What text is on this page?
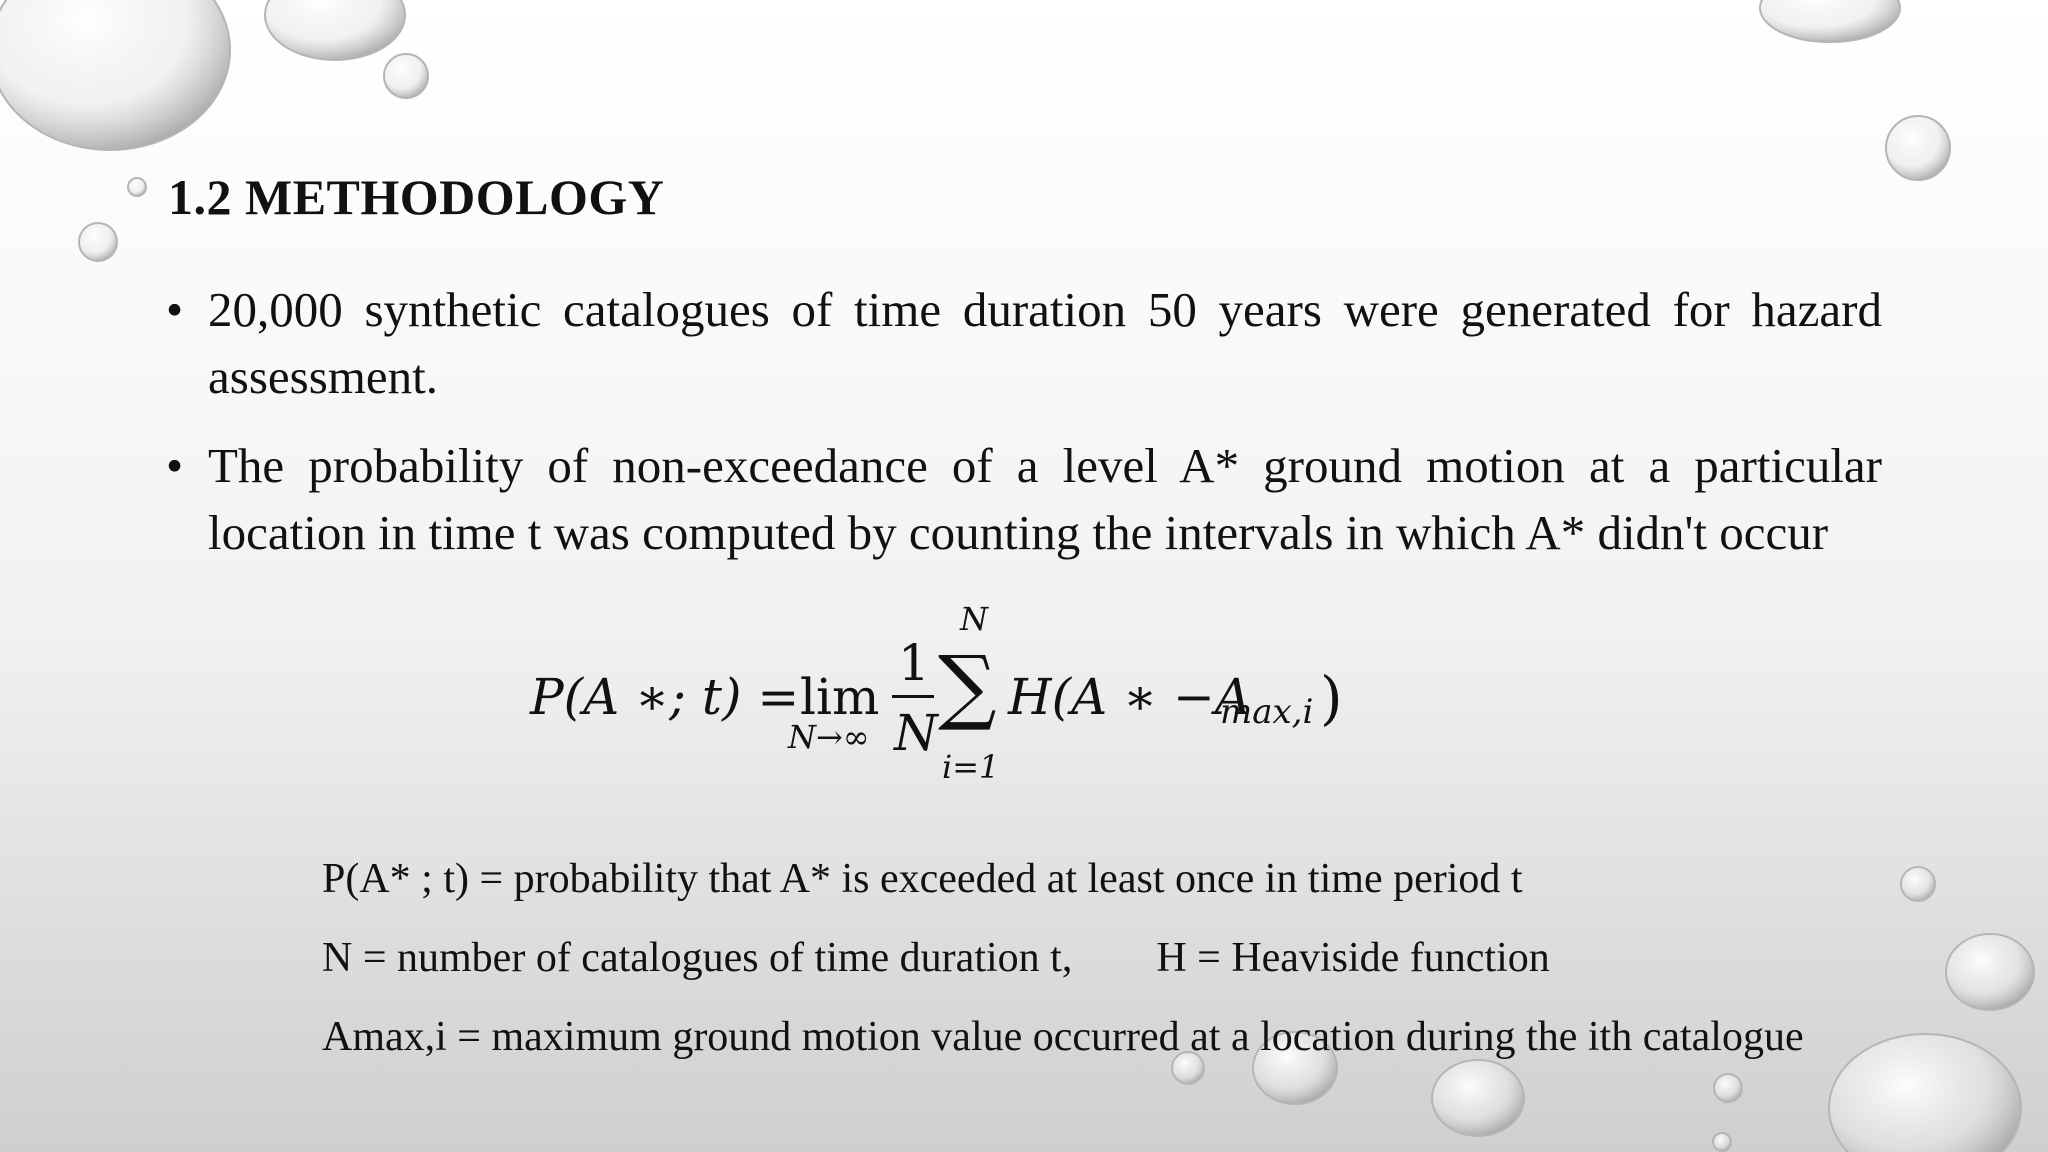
1.2 METHODOLOGY
• 20,000 synthetic catalogues of time duration 50 years were generated for hazard assessment.
• The probability of non-exceedance of a level A* ground motion at a particular location in time t was computed by counting the intervals in which A* didn't occur
P(A ∗; t) = lim
N→∞
1
N
N
∑
i=1
H(A ∗ −A
max,i )
P(A* ; t) = probability that A* is exceeded at least once in time period t
N = number of catalogues of time duration t,        H = Heaviside function
Amax,i = maximum ground motion value occurred at a location during the ith catalogue
